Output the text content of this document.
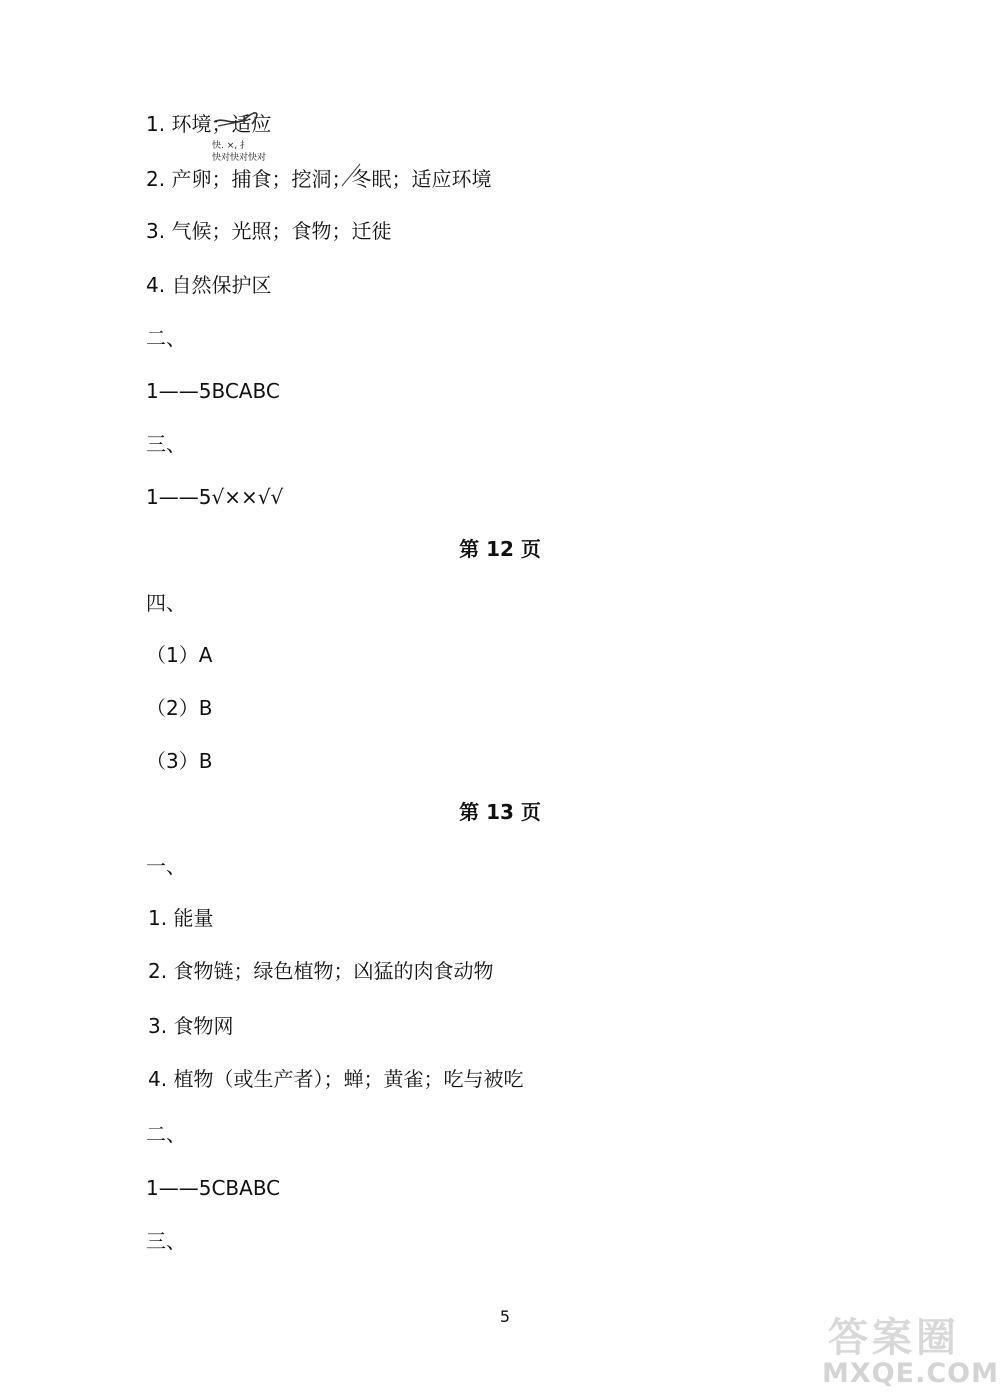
1. 环境；适应
快. ×, 扌
快对快对快对
2. 产卵；捕食；挖洞；冬眠；适应环境
3. 气候；光照；食物；迁徙
4. 自然保护区
二、
1——5BCABC
三、
1——5√××√√
第 12 页
四、
（1）A
（2）B
（3）B
第 13 页
一、
1. 能量
2. 食物链；绿色植物；凶猛的肉食动物
3. 食物网
4. 植物（或生产者）；蝉；黄雀；吃与被吃
二、
1——5CBABC
三、
5	答案圈
MXQE.COM
